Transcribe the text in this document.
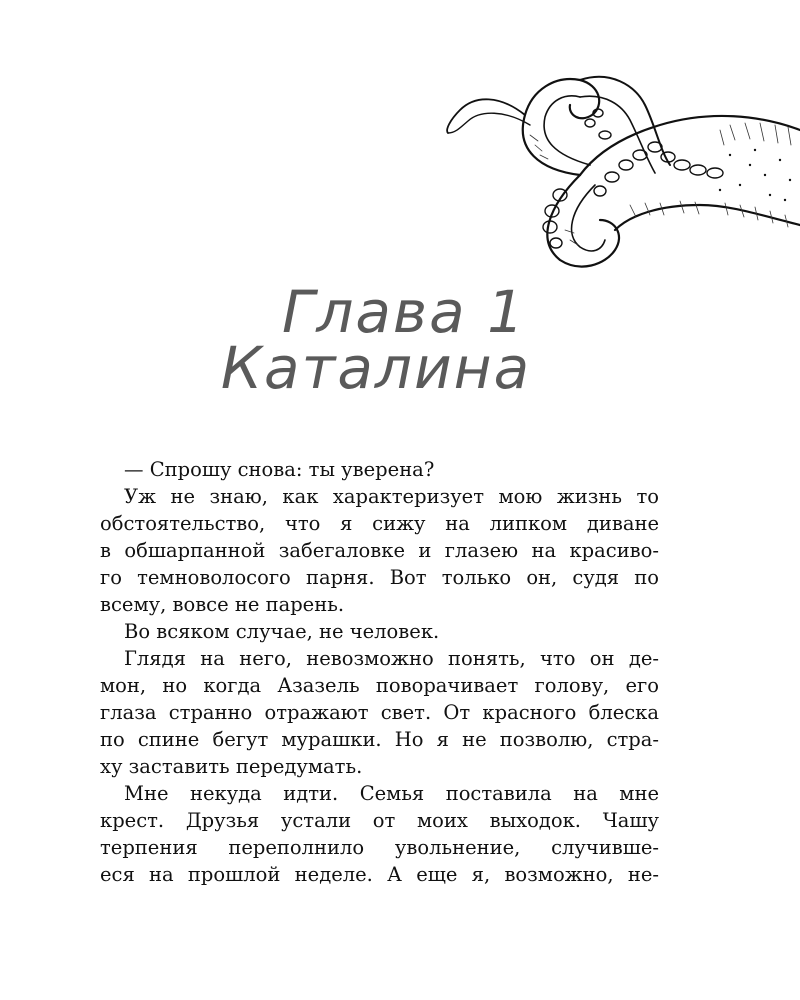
Глава 1
Каталина
— Спрошу снова: ты уверена?
Уж не знаю, как характеризует мою жизнь то
обстоятельство, что я сижу на липком диване
в обшарпанной забегаловке и глазею на красиво-
го темноволосого парня. Вот только он, судя по
всему, вовсе не парень.
Во всяком случае, не человек.
Глядя на него, невозможно понять, что он де-
мон, но когда Азазель поворачивает голову, его
глаза странно отражают свет. От красного блеска
по спине бегут мурашки. Но я не позволю, стра-
ху заставить передумать.
Мне некуда идти. Семья поставила на мне
крест. Друзья устали от моих выходок. Чашу
терпения переполнило увольнение, случивше-
еся на прошлой неделе. А еще я, возможно, не-
